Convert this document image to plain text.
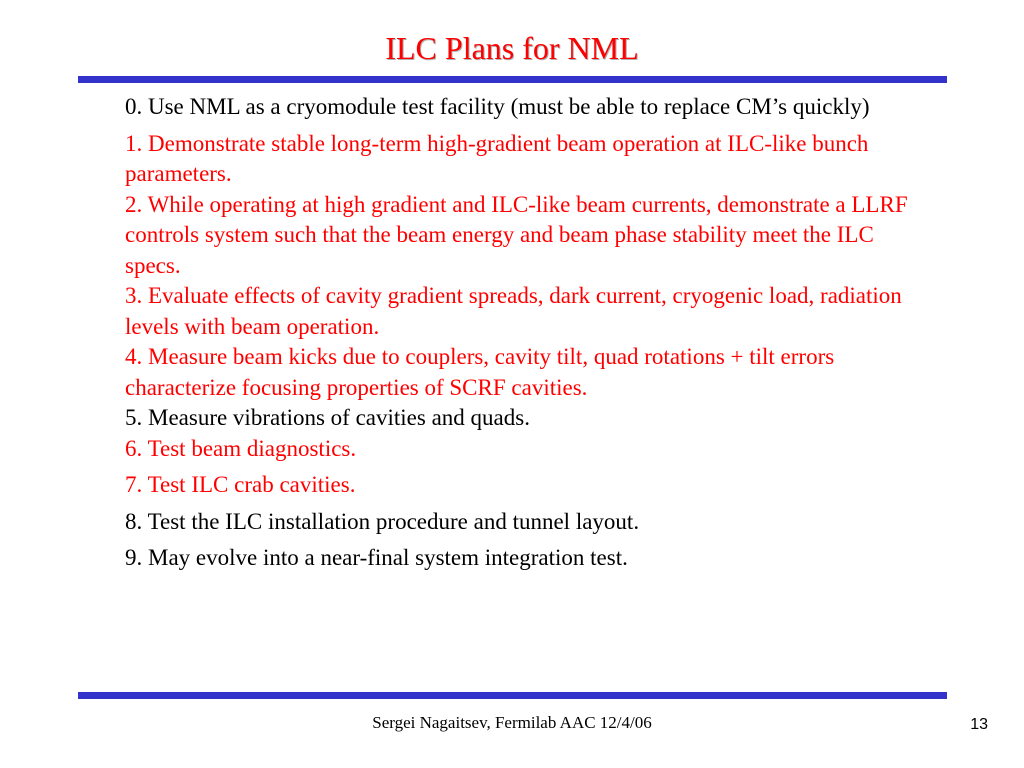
ILC Plans for NML

0. Use NML as a cryomodule test facility (must be able to replace CM’s quickly)

1. Demonstrate stable long-term high-gradient beam operation at ILC-like bunch parameters.

2. While operating at high gradient and ILC-like beam currents, demonstrate a LLRF controls system such that the beam energy and beam phase stability meet the ILC specs.

3. Evaluate effects of cavity gradient spreads, dark current, cryogenic load, radiation levels with beam operation.

4. Measure beam kicks due to couplers, cavity tilt, quad rotations + tilt errors characterize focusing properties of SCRF cavities.

5. Measure vibrations of cavities and quads.

6. Test beam diagnostics.

7. Test ILC crab cavities.

8. Test the ILC installation procedure and tunnel layout.

9. May evolve into a near-final system integration test.

Sergei Nagaitsev, Fermilab AAC 12/4/06	13
